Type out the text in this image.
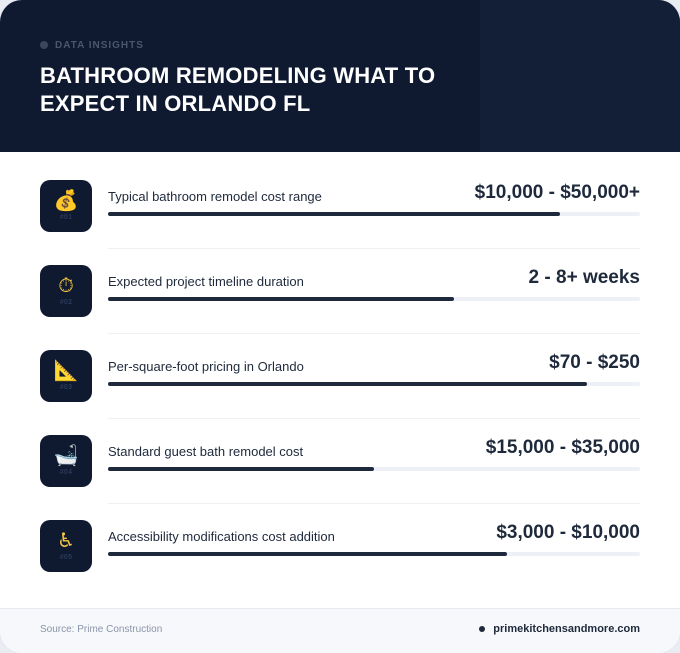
DATA INSIGHTS
BATHROOM REMODELING WHAT TO EXPECT IN ORLANDO FL
💰
#01
Typical bathroom remodel cost range	$10,000 - $50,000+
⏱
#02
Expected project timeline duration	2 - 8+ weeks
📐
#03
Per-square-foot pricing in Orlando	$70 - $250
🛁
#04
Standard guest bath remodel cost	$15,000 - $35,000
♿
#05
Accessibility modifications cost addition	$3,000 - $10,000
Source: Prime Construction	primekitchensandmore.com
